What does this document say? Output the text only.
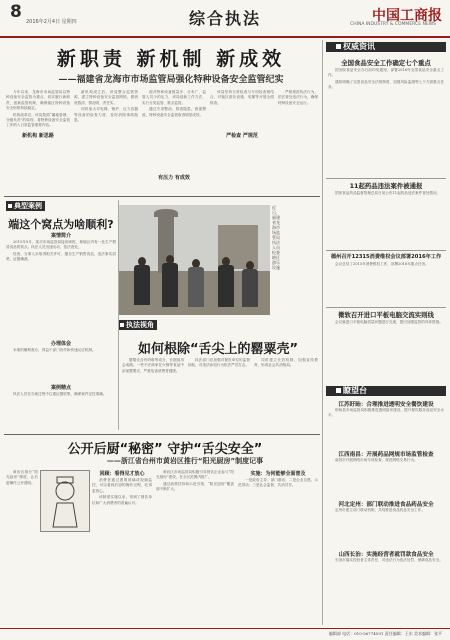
8 2016年2月4日 星期四	综合执法	中国工商报
CHINA INDUSTRY & COMMERCE NEWS
新职责 新机制 新成效
——福建省龙海市市场监管局强化特种设备安全监管纪实

今年以来，龙海市市场监管局以特种设备安全监管为重点，切实履行新职责，创新监管机制，确保辖区特种设备安全形势持续稳定。

机构改革后，该局按照“属地管理、分级负责”的原则，将特种设备安全监管工作纳入日常监管重要内容。

新机构 新思路

新机构成立后，该局整合监管资源，建立特种设备安全监管网格，做到底数清、情况明、责任实。

同时加大对电梯、锅炉、压力容器等设备的检查力度，及时消除事故隐患。

面对特种设备数量多、分布广、监管人员少的压力，该局创新工作方法，实行分类监管、重点监管。

通过专项整治，排查隐患，督促整改，特种设备安全监管取得明显成效。

有压力 有成效

该局坚持日常检查与专项检查相结合，对辖区游乐设施、电梯等开展全面排查。

严检查 严规范

严格规范执法行为，依法查处违法行为，确保特种设备安全运行。

权威资讯
全国食品安全工作确定七个重点

国务院食品安全办日前印发通知，部署2016年全国食品安全重点工作。

通知明确了完善食品安全法规制度、加强风险监测等七个方面重点任务。

11起药品违法案件被通报

国家食品药品监督管理总局日前公布11起药品违法案件查处情况。

德州召开12315消费维权会议部署2016年工作

会议总结了2015年消费维权工作，部署2016年重点任务。

微软召开进口平板电脑交流实则线

会议就进口平板电脑质量问题进行交流，提出加强监管的具体措施。

典型案例
端这个窝点为啥顺利?
案情简介

2015年9月，某市市场监管局接到举报，称辖区内有一处生产假冒食品的窝点。执法人员迅速出动，依法查处。

经查，当事人未取得相关许可，擅自生产销售食品，违法事实清楚，证据确凿。

办理体会

本案的顺利查办，得益于部门协作和快速反应机制。

案例精点

执法人员在办案过程中注重证据收集，确保案件定性准确。

近日，福建省龙海市场监管局执法人员检查辖区游乐设施
执法视角
如何根除“舌尖上的罂粟壳”

罂粟壳含有吗啡等成分，长期食用会成瘾。一些不法商家在火锅等食品中添加罂粟壳，严重危害消费者健康。

执法部门应加强对餐饮单位的监督抽检，对违法添加行为依法严厉打击。

同时建立长效机制，加强宣传教育，形成社会共治格局。

瞭望台
江苏盱眙：合理推进透明安全餐饮建设

盱眙县市场监管局积极推进透明厨房建设，提升餐饮服务食品安全水平。

江西南昌：开展药品网规市场监管检查

南昌市开展网络市场专项检查，规范网络交易行为。

河北定州：部门联动推进食品药品安全

定州市建立部门联动机制，共同推进食品药品安全工作。

山西长治：实施经营者就罚款食品安全

长治市落实经营者主体责任，对违法行为依法处罚，保障食品安全。

公开后厨“秘密” 守护“舌尖安全”
——浙江省台州市黄岩区推行“阳光厨房”制度记事

黄岩区推行“阳光厨房”制度，让后厨操作公开透明。

回顾：看得见才放心

消费者通过透明玻璃或视频监控，可以看到后厨的操作过程，吃得更放心。

该制度实施以来，得到了餐饮单位和广大消费者的普遍认可。

黄岩区市场监管局积极引导餐饮企业参与“阳光厨房”建设，在全区范围内推广。

通过政策扶持和示范引领，“阳光厨房”覆盖面不断扩大。

实施：为何能够全面普及

一是政府主导，部门联动；二是企业自愿，示范带动；三是社会监督，共治共享。

编辑部 电话：010-56774591 责任编辑：王东 美术编辑：张平
